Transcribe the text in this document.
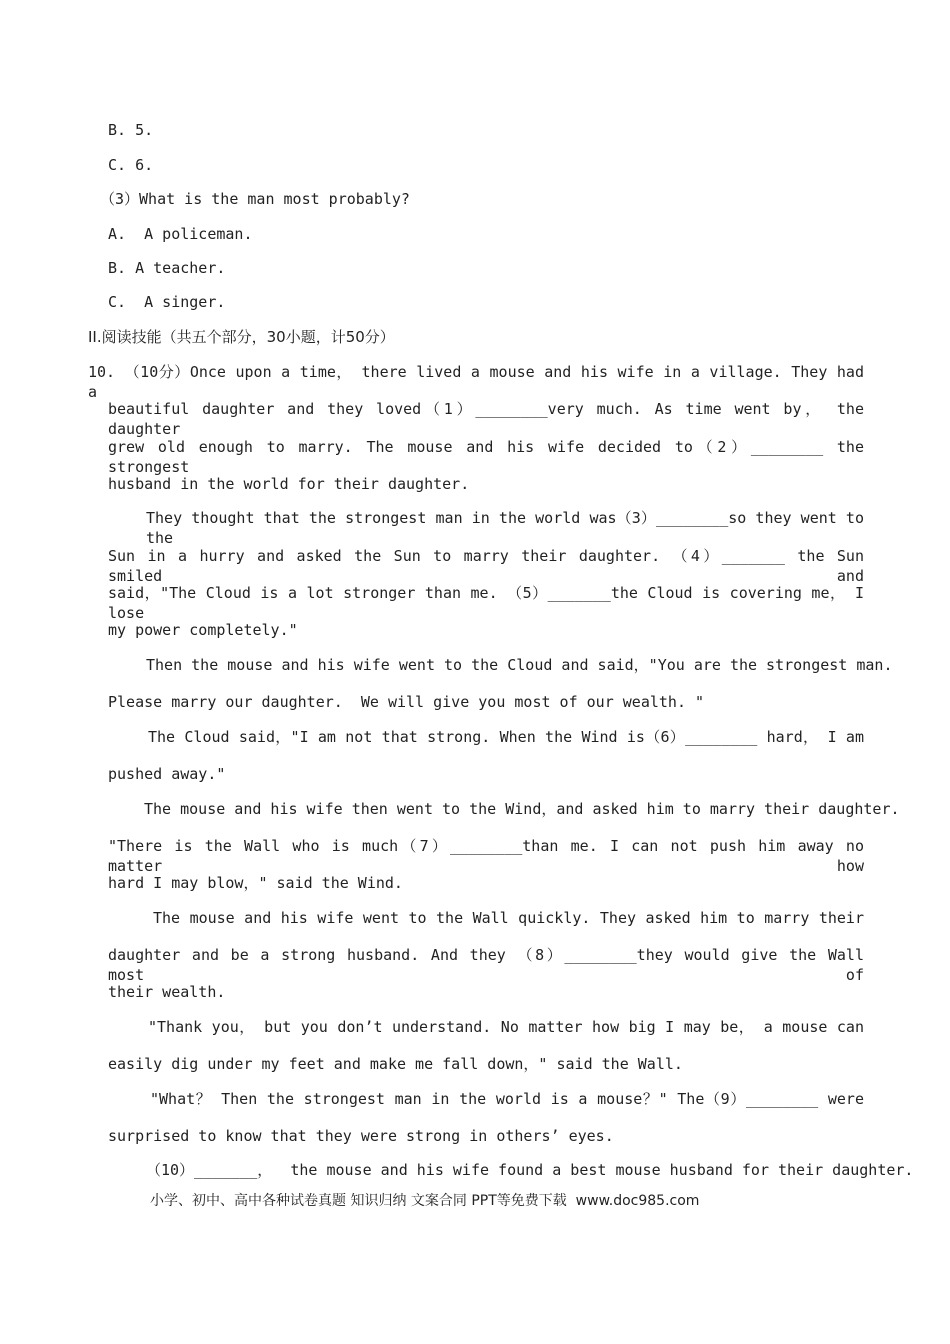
B. 5.
C. 6.
（3）What is the man most probably?
A.  A policeman.
B. A teacher.
C.  A singer.
II.阅读技能（共五个部分，30小题，计50分）
10. （10分）Once upon a time， there lived a mouse and his wife in a village. They had a
beautiful daughter and they loved（1）________very much. As time went by， the daughter
grew old enough to marry. The mouse and his wife decided to（2）________ the strongest
husband in the world for their daughter.
They thought that the strongest man in the world was（3）________so they went to the
Sun in a hurry and asked the Sun to marry their daughter. （4）_______ the Sun smiled and
said，"The Cloud is a lot stronger than me. （5）_______the Cloud is covering me， I lose
my power completely."
Then the mouse and his wife went to the Cloud and said，"You are the strongest man.
Please marry our daughter.  We will give you most of our wealth. "
The Cloud said，"I am not that strong. When the Wind is（6）________ hard， I am
pushed away."
The mouse and his wife then went to the Wind，and asked him to marry their daughter.
"There is the Wall who is much（7）________than me. I can not push him away no matter how
hard I may blow，" said the Wind.
The mouse and his wife went to the Wall quickly. They asked him to marry their
daughter and be a strong husband. And they （8）________they would give the Wall most of
their wealth.
"Thank you， but you don’t understand. No matter how big I may be， a mouse can
easily dig under my feet and make me fall down，" said the Wall.
"What？ Then the strongest man in the world is a mouse？" The（9）________ were
surprised to know that they were strong in others’ eyes.
（10）_______，  the mouse and his wife found a best mouse husband for their daughter.
小学、初中、高中各种试卷真题 知识归纳 文案合同 PPT等免费下载  www.doc985.com
